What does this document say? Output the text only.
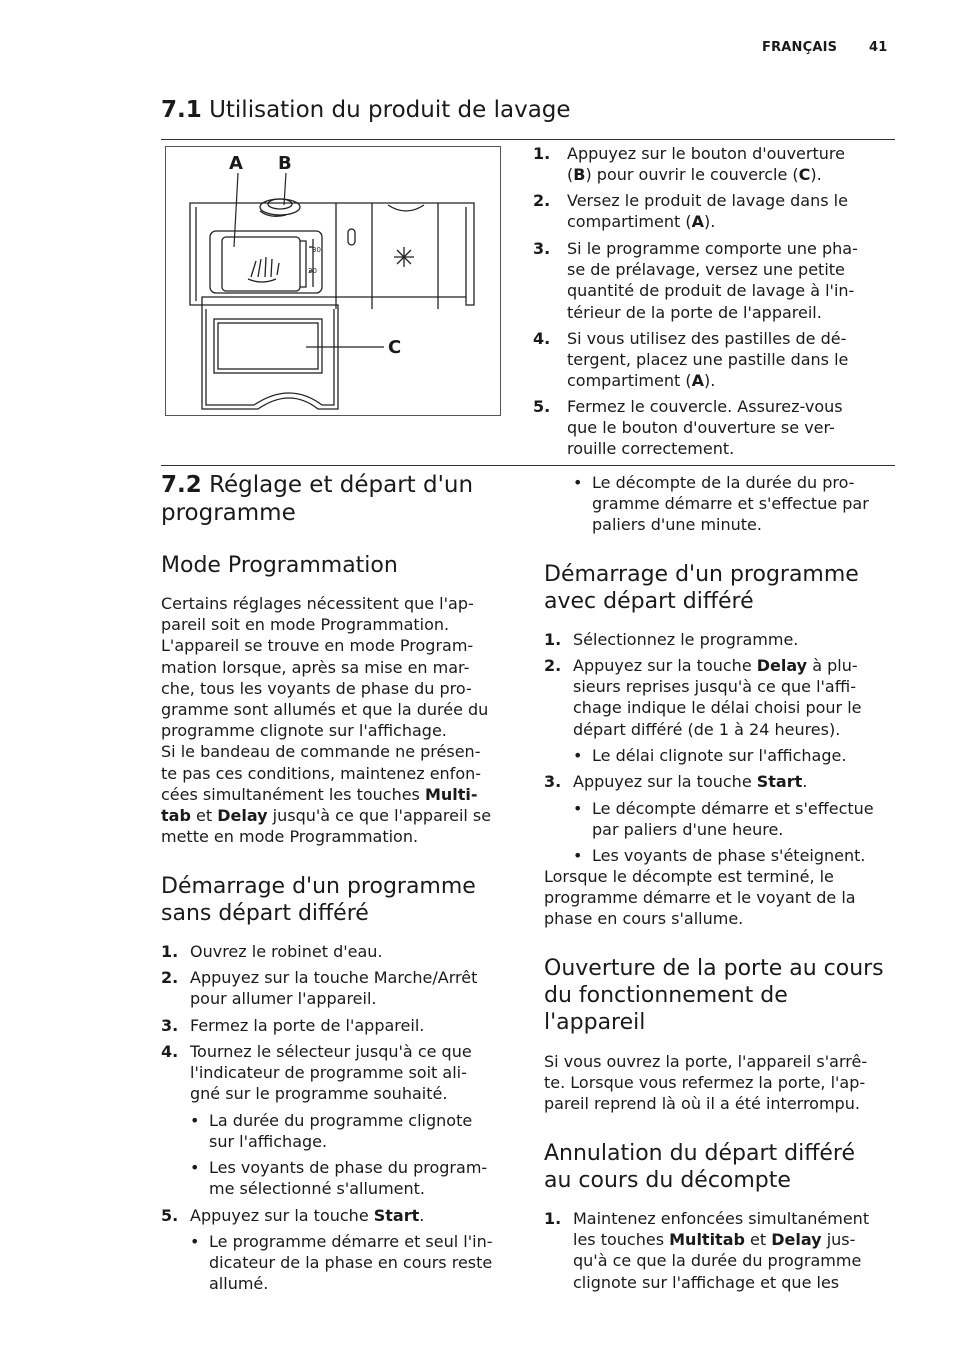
FRANÇAIS 41
7.1 Utilisation du produit de lavage
A B
C
30
20
1. Appuyez sur le bouton d'ouverture
(B) pour ouvrir le couvercle (C).
2. Versez le produit de lavage dans le
compartiment (A).
3. Si le programme comporte une pha-
se de prélavage, versez une petite
quantité de produit de lavage à l'in-
térieur de la porte de l'appareil.
4. Si vous utilisez des pastilles de dé-
tergent, placez une pastille dans le
compartiment (A).
5. Fermez le couvercle. Assurez-vous
que le bouton d'ouverture se ver-
rouille correctement.
7.2 Réglage et départ d'un
programme
Mode Programmation
Certains réglages nécessitent que l'ap-
pareil soit en mode Programmation.
L'appareil se trouve en mode Program-
mation lorsque, après sa mise en mar-
che, tous les voyants de phase du pro-
gramme sont allumés et que la durée du
programme clignote sur l'affichage.
Si le bandeau de commande ne présen-
te pas ces conditions, maintenez enfon-
cées simultanément les touches Multi-
tab et Delay jusqu'à ce que l'appareil se
mette en mode Programmation.
Démarrage d'un programme
sans départ différé
1. Ouvrez le robinet d'eau.
2. Appuyez sur la touche Marche/Arrêt
pour allumer l'appareil.
3. Fermez la porte de l'appareil.
4. Tournez le sélecteur jusqu'à ce que
l'indicateur de programme soit ali-
gné sur le programme souhaité.
• La durée du programme clignote
sur l'affichage.
• Les voyants de phase du program-
me sélectionné s'allument.
5. Appuyez sur la touche Start.
• Le programme démarre et seul l'in-
dicateur de la phase en cours reste
allumé.
• Le décompte de la durée du pro-
gramme démarre et s'effectue par
paliers d'une minute.
Démarrage d'un programme
avec départ différé
1. Sélectionnez le programme.
2. Appuyez sur la touche Delay à plu-
sieurs reprises jusqu'à ce que l'affi-
chage indique le délai choisi pour le
départ différé (de 1 à 24 heures).
• Le délai clignote sur l'affichage.
3. Appuyez sur la touche Start.
• Le décompte démarre et s'effectue
par paliers d'une heure.
• Les voyants de phase s'éteignent.
Lorsque le décompte est terminé, le
programme démarre et le voyant de la
phase en cours s'allume.
Ouverture de la porte au cours
du fonctionnement de
l'appareil
Si vous ouvrez la porte, l'appareil s'arrê-
te. Lorsque vous refermez la porte, l'ap-
pareil reprend là où il a été interrompu.
Annulation du départ différé
au cours du décompte
1. Maintenez enfoncées simultanément
les touches Multitab et Delay jus-
qu'à ce que la durée du programme
clignote sur l'affichage et que les
